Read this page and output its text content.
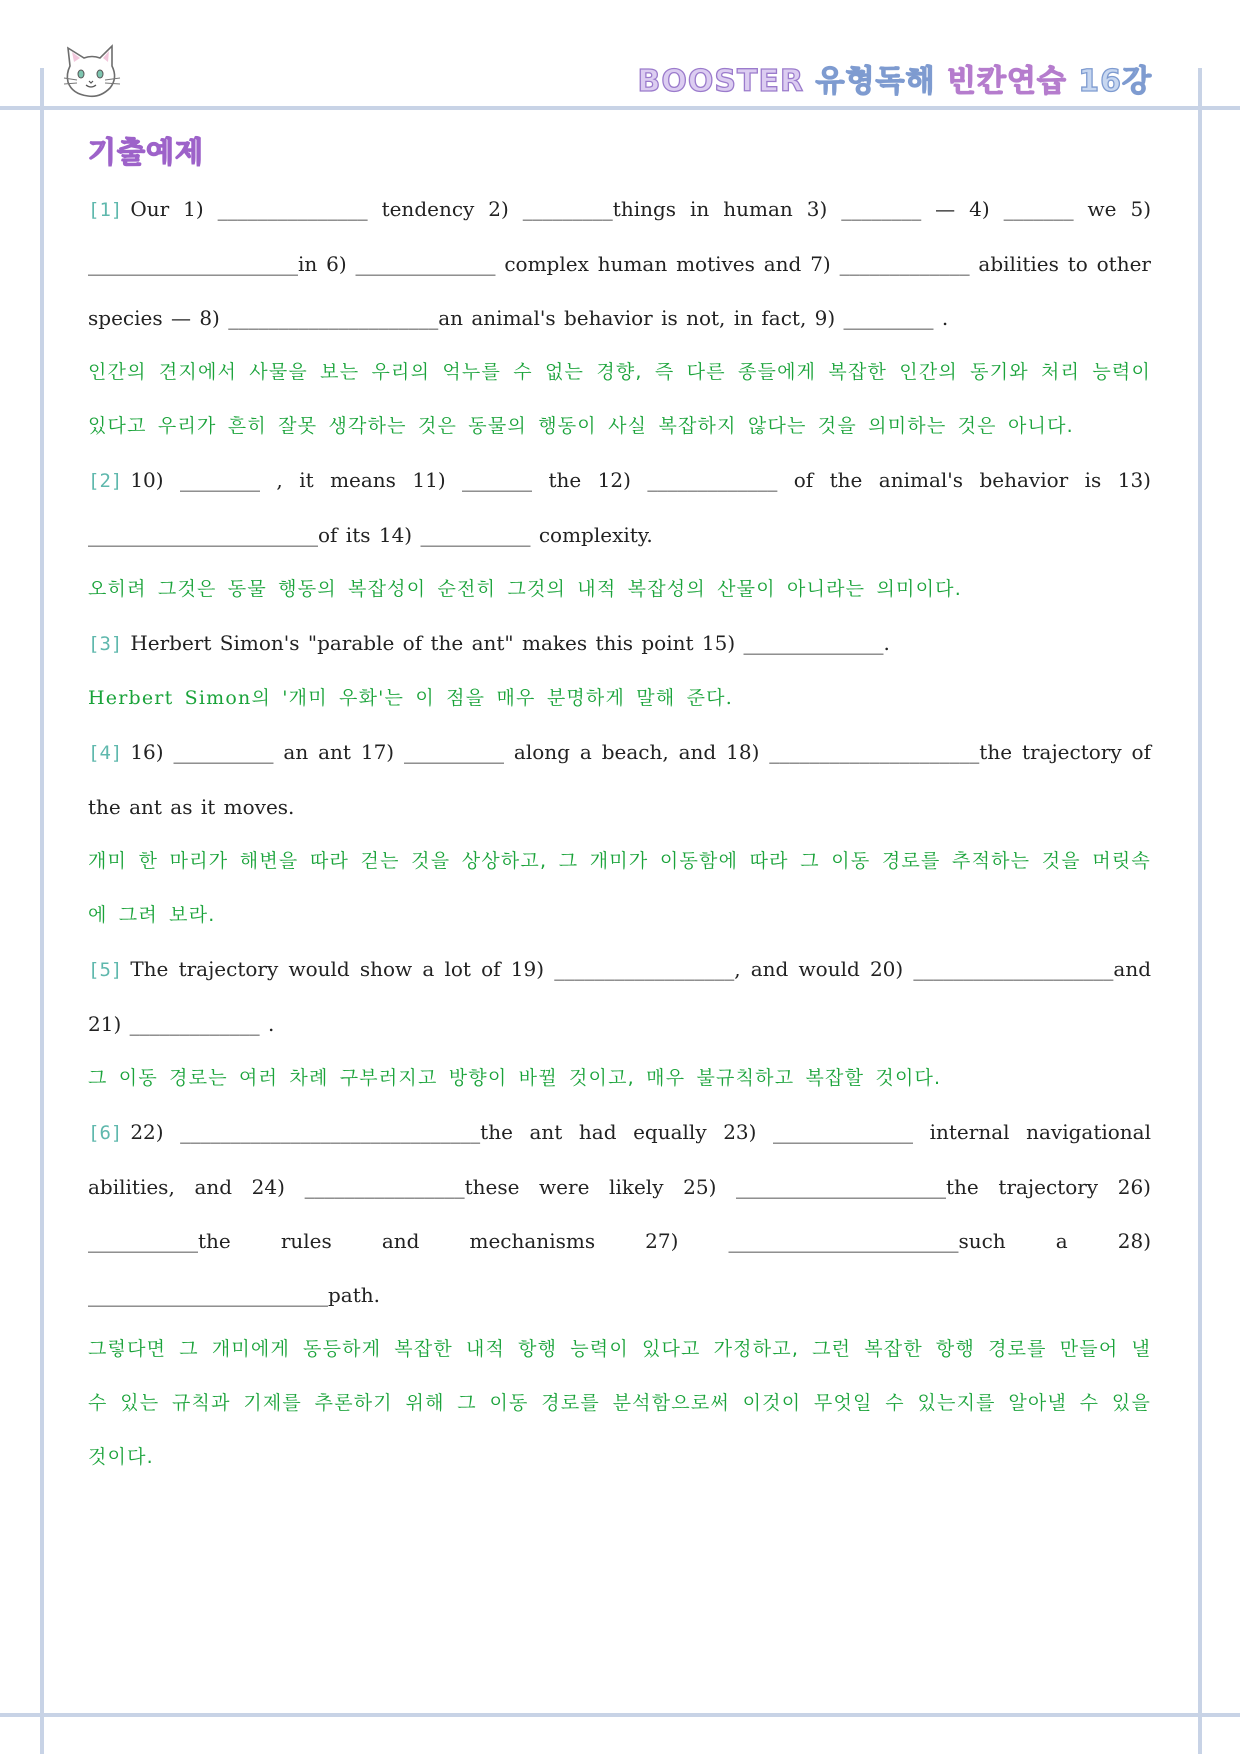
BOOSTER 유형독해 빈칸연습 16강
기출예제
[1] Our 1) _______________ tendency 2) _________things in human 3) ________ — 4) _______ we 5) _____________________in 6) ______________ complex human motives and 7) _____________ abilities to other species — 8) _____________________an animal's behavior is not, in fact, 9) _________ .
인간의 견지에서 사물을 보는 우리의 억누를 수 없는 경향, 즉 다른 종들에게 복잡한 인간의 동기와 처리 능력이 있다고 우리가 흔히 잘못 생각하는 것은 동물의 행동이 사실 복잡하지 않다는 것을 의미하는 것은 아니다.
[2] 10) ________ , it means 11) _______ the 12) _____________ of the animal's behavior is 13) _______________________of its 14) ___________ complexity.
오히려 그것은 동물 행동의 복잡성이 순전히 그것의 내적 복잡성의 산물이 아니라는 의미이다.
[3] Herbert Simon's "parable of the ant" makes this point 15) ______________.
Herbert Simon의 '개미 우화'는 이 점을 매우 분명하게 말해 준다.
[4] 16) __________ an ant 17) __________ along a beach, and 18) _____________________the trajectory of the ant as it moves.
개미 한 마리가 해변을 따라 걷는 것을 상상하고, 그 개미가 이동함에 따라 그 이동 경로를 추적하는 것을 머릿속에 그려 보라.
[5] The trajectory would show a lot of 19) __________________, and would 20) ____________________and 21) _____________ .
그 이동 경로는 여러 차례 구부러지고 방향이 바뀔 것이고, 매우 불규칙하고 복잡할 것이다.
[6] 22) ______________________________the ant had equally 23) ______________ internal navigational abilities, and 24) ________________these were likely 25) _____________________the trajectory 26) ___________the rules and mechanisms 27) _______________________such a 28) ________________________path.
그렇다면 그 개미에게 동등하게 복잡한 내적 항행 능력이 있다고 가정하고, 그런 복잡한 항행 경로를 만들어 낼 수 있는 규칙과 기제를 추론하기 위해 그 이동 경로를 분석함으로써 이것이 무엇일 수 있는지를 알아낼 수 있을 것이다.
